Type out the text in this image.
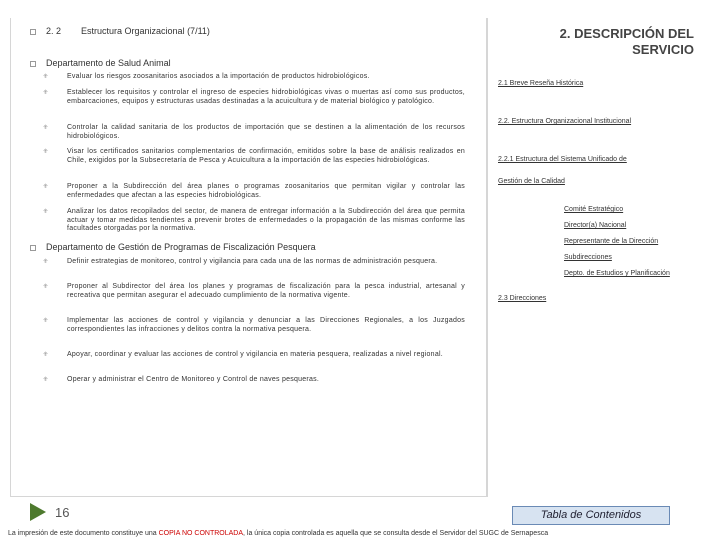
2. 2 Estructura Organizacional (7/11)
Departamento de Salud Animal
⁜	Evaluar los riesgos zoosanitarios asociados a la importación de productos hidrobiológicos.
⁜	Establecer los requisitos y controlar el ingreso de especies hidrobiológicas vivas o muertas así como sus productos, embarcaciones, equipos y estructuras usadas destinadas a la acuicultura y de material biológico y patológico.
⁜	Controlar la calidad sanitaria de los productos de importación que se destinen a la alimentación de los recursos hidrobiológicos.
⁜	Visar los certificados sanitarios complementarios de confirmación, emitidos sobre la base de análisis realizados en Chile, exigidos por la Subsecretaría de Pesca y Acuicultura a la importación de las especies hidrobiológicas.
⁜	Proponer a la Subdirección del área planes o programas zoosanitarios que permitan vigilar y controlar las enfermedades que afectan a las especies hidrobiológicas.
⁜	Analizar los datos recopilados del sector, de manera de entregar información a la Subdirección del área que permita actuar y tomar medidas tendientes a prevenir brotes de enfermedades o la propagación de las mismas conforme las facultades otorgadas por la normativa.
Departamento de Gestión de Programas de Fiscalización Pesquera
⁜	Definir estrategias de monitoreo, control y vigilancia para cada una de las normas de administración pesquera.
⁜	Proponer al Subdirector del área los planes y programas de fiscalización para la pesca industrial, artesanal y recreativa que permitan asegurar el adecuado cumplimiento de la normativa vigente.
⁜	Implementar las acciones de control y vigilancia y denunciar a las Direcciones Regionales, a los Juzgados correspondientes las infracciones y delitos contra la normativa pesquera.
⁜	Apoyar, coordinar y evaluar las acciones de control y vigilancia en materia pesquera, realizadas a nivel regional.
⁜	Operar y administrar el Centro de Monitoreo y Control de naves pesqueras.
2. DESCRIPCIÓN DEL
SERVICIO
2.1 Breve Reseña Histórica
2.2. Estructura Organizacional Institucional
2.2.1 Estructura del Sistema Unificado de
Gestión de la Calidad
Comité Estratégico
Director(a) Nacional
Representante de la Dirección
Subdirecciones
Depto. de Estudios y Planificación
2.3 Direcciones
16	Tabla de Contenidos
La impresión de este documento constituye una COPIA NO CONTROLADA, la única copia controlada es aquella que se consulta desde el Servidor del SUGC de Sernapesca
